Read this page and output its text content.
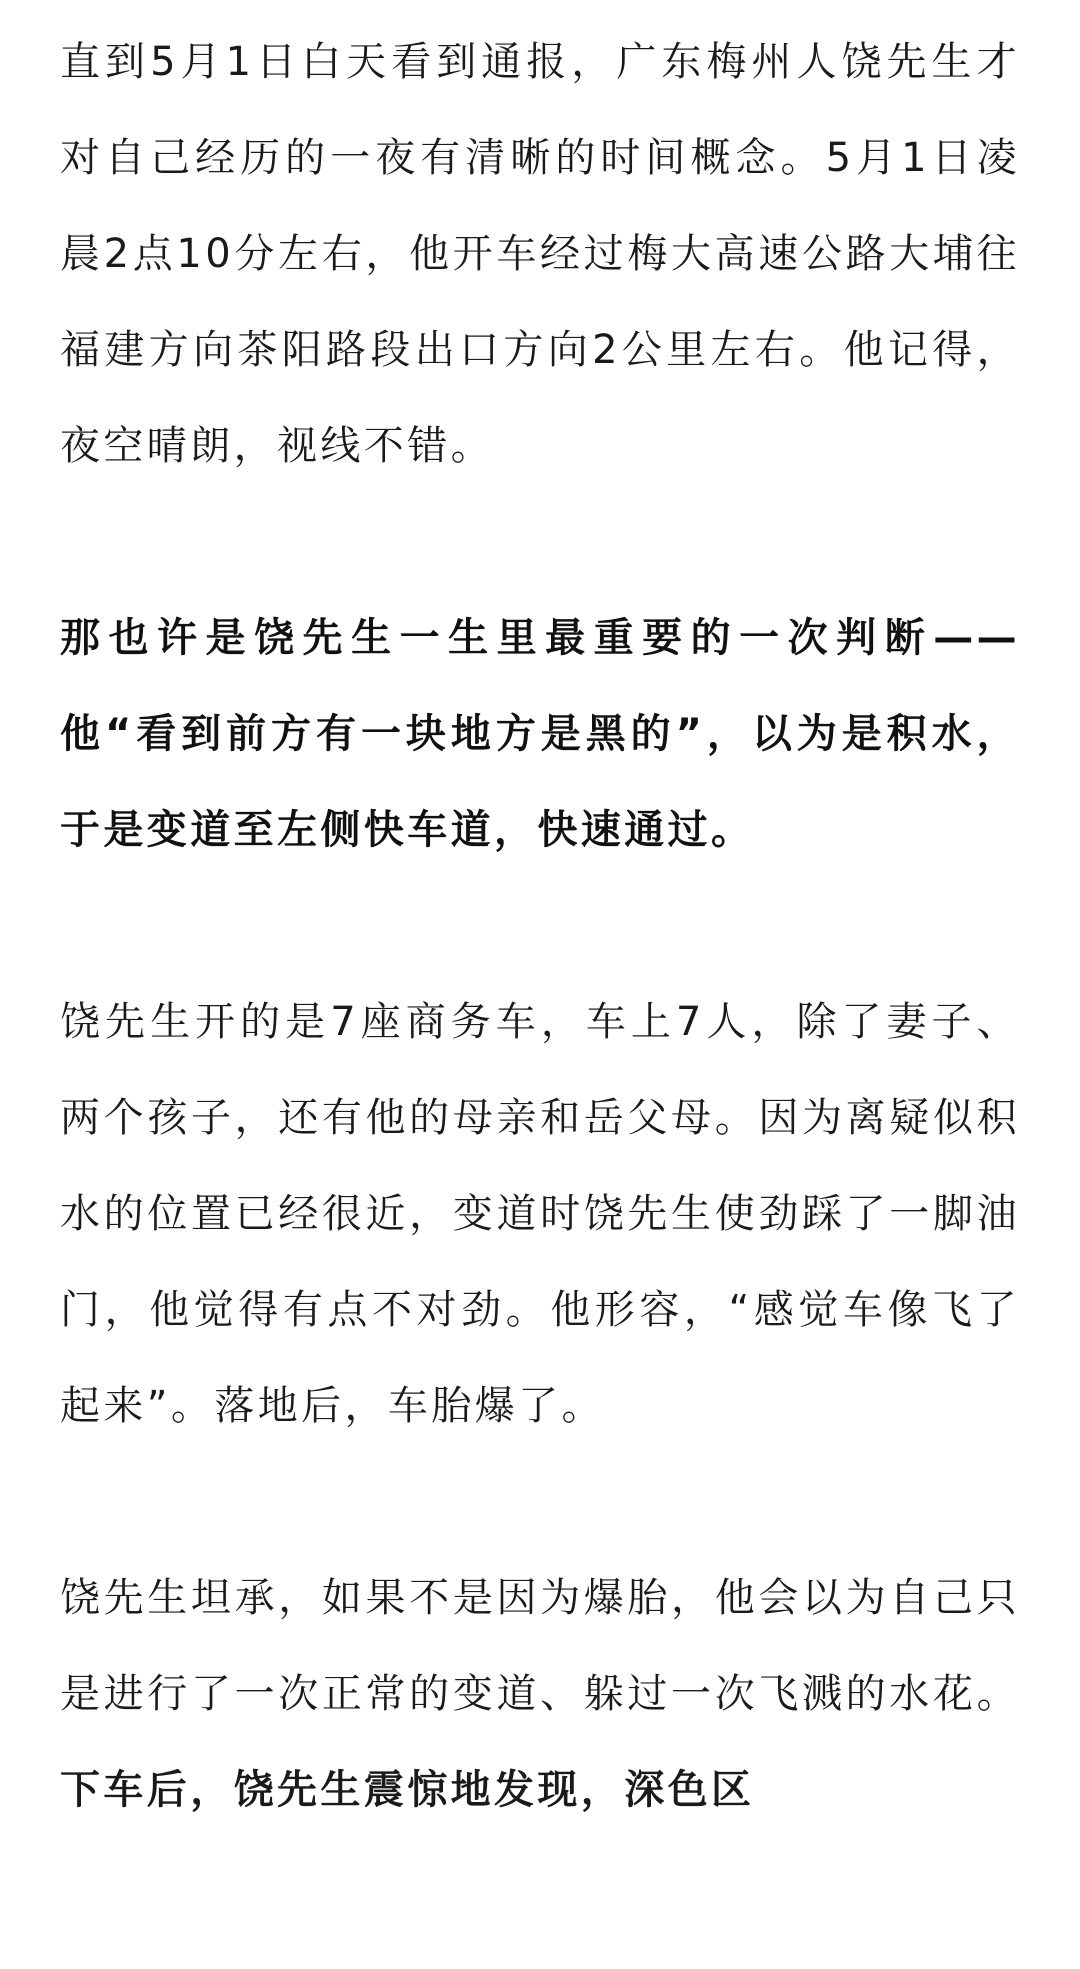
直到5月1日白天看到通报，广东梅州人饶先生才对自己经历的一夜有清晰的时间概念。5月1日凌晨2点10分左右，他开车经过梅大高速公路大埔往福建方向茶阳路段出口方向2公里左右。他记得，夜空晴朗，视线不错。

那也许是饶先生一生里最重要的一次判断——他“看到前方有一块地方是黑的”，以为是积水，于是变道至左侧快车道，快速通过。

饶先生开的是7座商务车，车上7人，除了妻子、两个孩子，还有他的母亲和岳父母。因为离疑似积水的位置已经很近，变道时饶先生使劲踩了一脚油门，他觉得有点不对劲。他形容，“感觉车像飞了起来”。落地后，车胎爆了。

饶先生坦承，如果不是因为爆胎，他会以为自己只是进行了一次正常的变道、躲过一次飞溅的水花。下车后，饶先生震惊地发现，深色区
